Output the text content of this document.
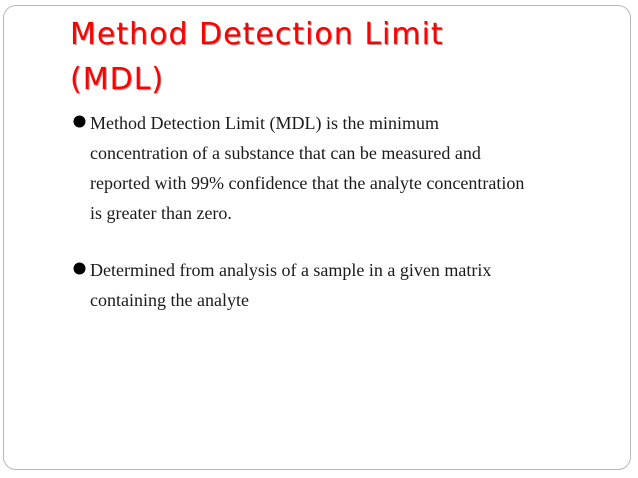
Method Detection Limit
(MDL)
Method Detection Limit (MDL) is the minimum
concentration of a substance that can be measured and
reported with 99% confidence that the analyte concentration
is greater than zero.
Determined from analysis of a sample in a given matrix
containing the analyte
